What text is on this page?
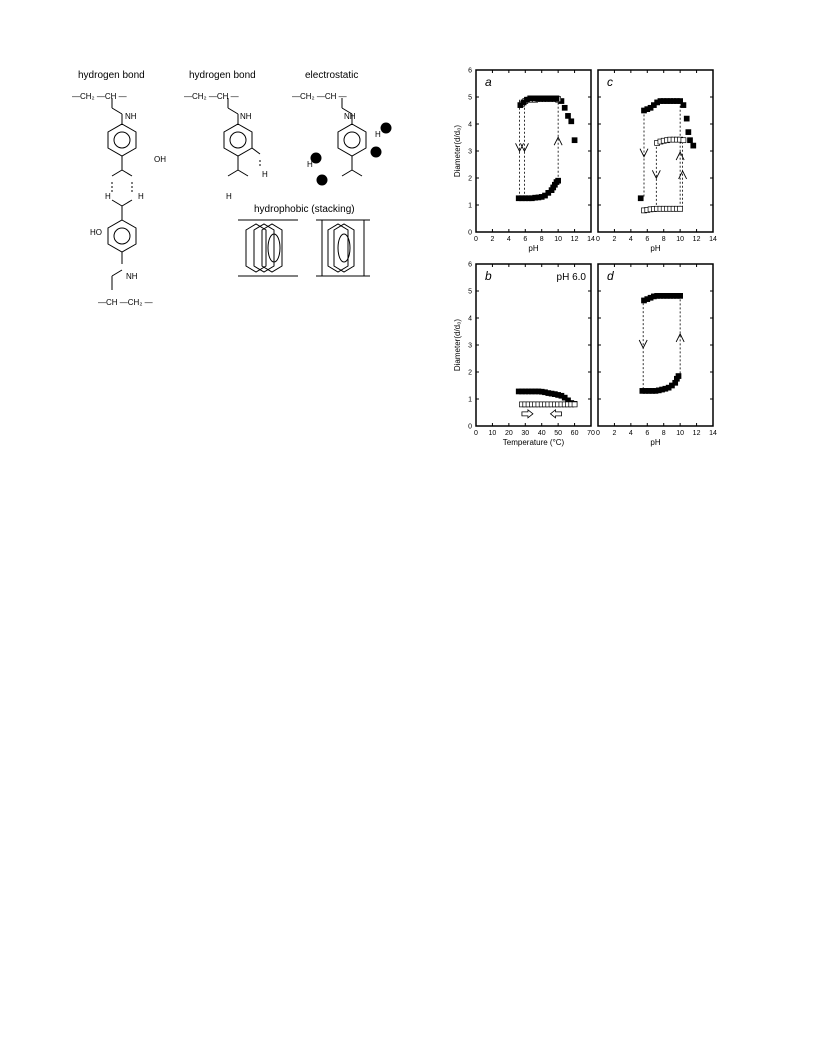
hydrogen bond	hydrogen bond	electrostatic
hydrophobic (stacking)
—CH₂ —CH —	—CH₂ —CH —	—CH₂ —CH —
NH	NH	NH
OH
HO
NH
—CH —CH₂ —
H	H
H
H
H
H
0 2 4 6 8 10 12 14
0
1
2
3
4
5
6
pH
Diameter(d/d₀)
a
0 2 4 6 8 10 12 14
pH
c
0 10 20 30 40 50 60 70
0
1
2
3
4
5
6
Temperature (°C)
Diameter(d/d₀)
b	pH 6.0
0 2 4 6 8 10 12 14
pH
d
